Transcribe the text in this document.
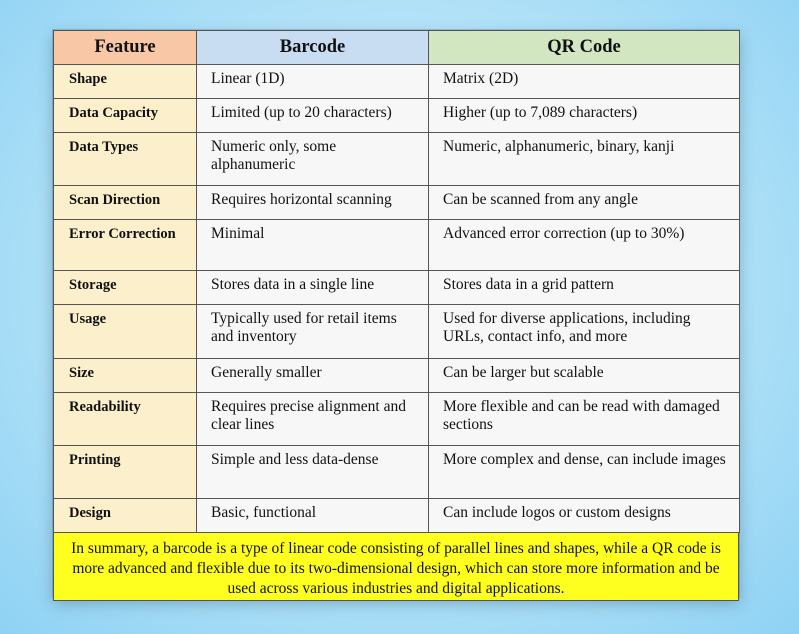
Feature	Barcode	QR Code
Shape	Linear (1D)	Matrix (2D)
Data Capacity	Limited (up to 20 characters)	Higher (up to 7,089 characters)
Data Types	Numeric only, some alphanumeric	Numeric, alphanumeric, binary, kanji
Scan Direction	Requires horizontal scanning	Can be scanned from any angle
Error Correction	Minimal	Advanced error correction (up to 30%)
Storage	Stores data in a single line	Stores data in a grid pattern
Usage	Typically used for retail items and inventory	Used for diverse applications, including URLs, contact info, and more
Size	Generally smaller	Can be larger but scalable
Readability	Requires precise alignment and clear lines	More flexible and can be read with damaged sections
Printing	Simple and less data-dense	More complex and dense, can include images
Design	Basic, functional	Can include logos or custom designs
In summary, a barcode is a type of linear code consisting of parallel lines and shapes, while a QR code is more advanced and flexible due to its two-dimensional design, which can store more information and be used across various industries and digital applications.
